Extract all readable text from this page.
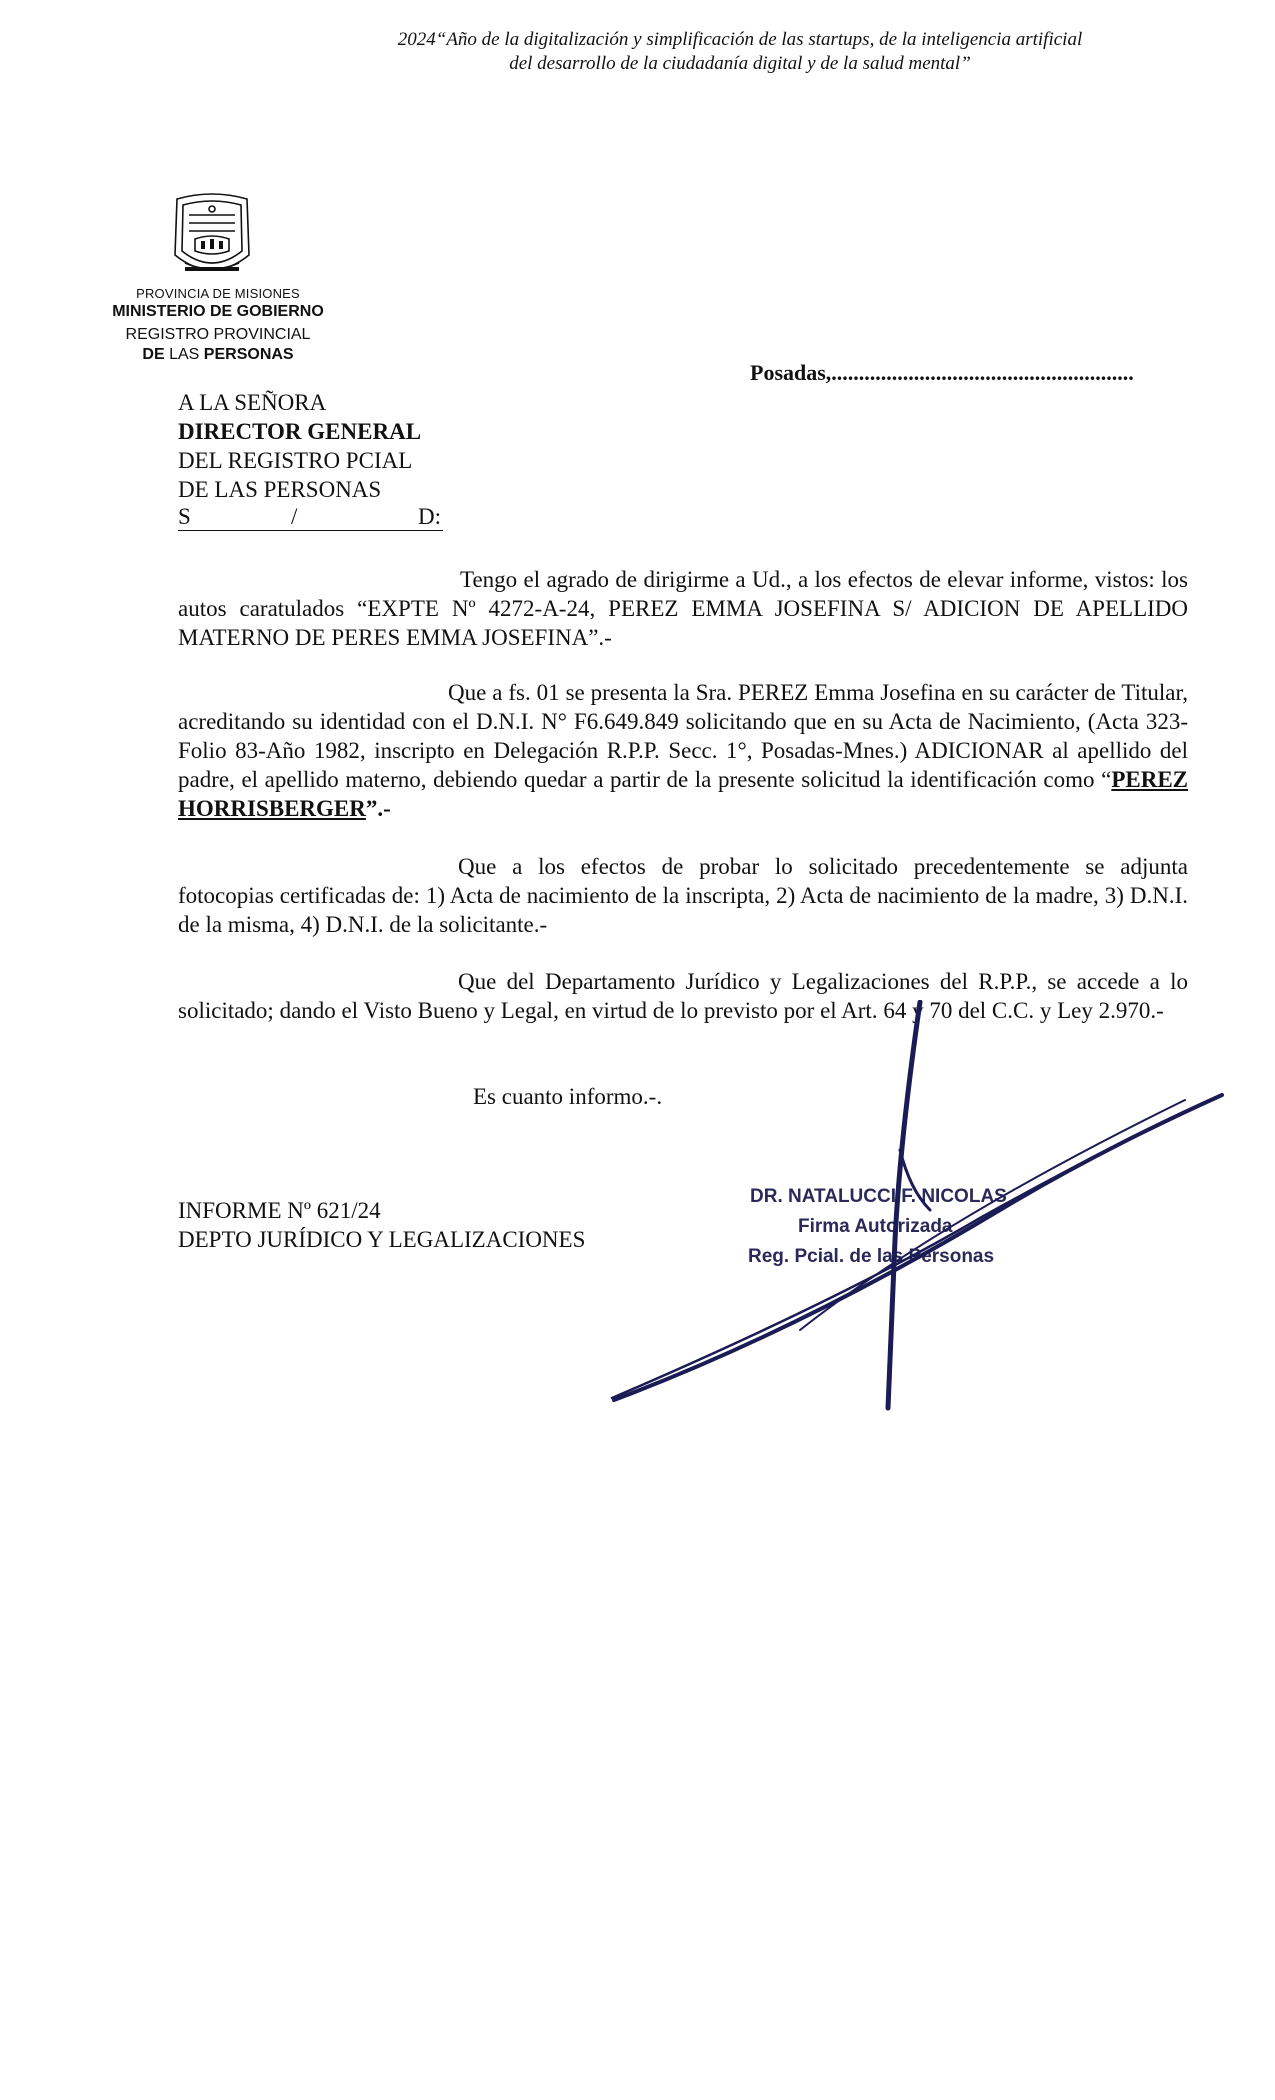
2024“Año de la digitalización y simplificación de las startups, de la inteligencia artificial
del desarrollo de la ciudadanía digital y de la salud mental”
PROVINCIA DE MISIONES
MINISTERIO DE GOBIERNO
REGISTRO PROVINCIAL
DE LAS PERSONAS
Posadas,.......................................................
A LA SEÑORA
DIRECTOR GENERAL
DEL REGISTRO PCIAL
DE LAS PERSONAS
S	/	D:

Tengo el agrado de dirigirme a Ud., a los efectos de elevar informe, vistos: los autos caratulados “EXPTE Nº 4272-A-24, PEREZ EMMA JOSEFINA S/ ADICION DE APELLIDO MATERNO DE PERES EMMA JOSEFINA”.-

Que a fs. 01 se presenta la Sra. PEREZ Emma Josefina en su carácter de Titular, acreditando su identidad con el D.N.I. N° F6.649.849 solicitando que en su Acta de Nacimiento, (Acta 323-Folio 83-Año 1982, inscripto en Delegación R.P.P. Secc. 1°, Posadas-Mnes.) ADICIONAR al apellido del padre, el apellido materno, debiendo quedar a partir de la presente solicitud la identificación como “PEREZ HORRISBERGER”.-

Que a los efectos de probar lo solicitado precedentemente se adjunta fotocopias certificadas de: 1) Acta de nacimiento de la inscripta, 2) Acta de nacimiento de la madre, 3) D.N.I. de la misma, 4) D.N.I. de la solicitante.-

Que del Departamento Jurídico y Legalizaciones del R.P.P., se accede a lo solicitado; dando el Visto Bueno y Legal, en virtud de lo previsto por el Art. 64 y 70 del C.C. y Ley 2.970.-

Es cuanto informo.-.

INFORME Nº 621/24
DEPTO JURÍDICO Y LEGALIZACIONES
DR. NATALUCCI F. NICOLAS
Firma Autorizada
Reg. Pcial. de las Personas
